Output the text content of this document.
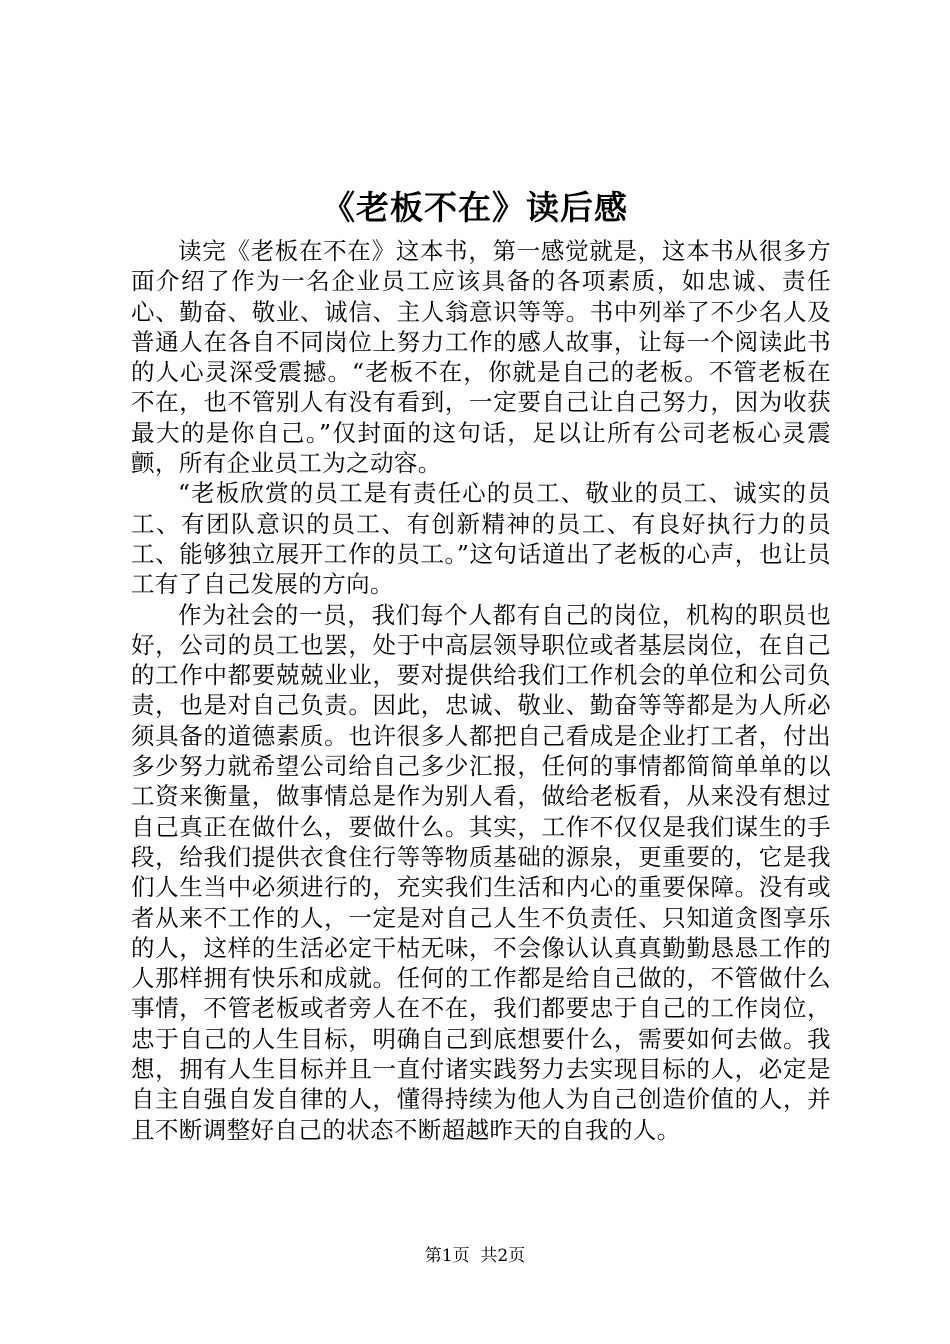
《老板不在》读后感

读完《老板在不在》这本书，第一感觉就是，这本书从很多方面介绍了作为一名企业员工应该具备的各项素质，如忠诚、责任心、勤奋、敬业、诚信、主人翁意识等等。书中列举了不少名人及普通人在各自不同岗位上努力工作的感人故事，让每一个阅读此书的人心灵深受震撼。“老板不在，你就是自己的老板。不管老板在不在，也不管别人有没有看到，一定要自己让自己努力，因为收获最大的是你自己。”仅封面的这句话，足以让所有公司老板心灵震颤，所有企业员工为之动容。

“老板欣赏的员工是有责任心的员工、敬业的员工、诚实的员工、有团队意识的员工、有创新精神的员工、有良好执行力的员工、能够独立展开工作的员工。”这句话道出了老板的心声，也让员工有了自己发展的方向。

作为社会的一员，我们每个人都有自己的岗位，机构的职员也好，公司的员工也罢，处于中高层领导职位或者基层岗位，在自己的工作中都要兢兢业业，要对提供给我们工作机会的单位和公司负责，也是对自己负责。因此，忠诚、敬业、勤奋等等都是为人所必须具备的道德素质。也许很多人都把自己看成是企业打工者，付出多少努力就希望公司给自己多少汇报，任何的事情都简简单单的以工资来衡量，做事情总是作为别人看，做给老板看，从来没有想过自己真正在做什么，要做什么。其实，工作不仅仅是我们谋生的手段，给我们提供衣食住行等等物质基础的源泉，更重要的，它是我们人生当中必须进行的，充实我们生活和内心的重要保障。没有或者从来不工作的人，一定是对自己人生不负责任、只知道贪图享乐的人，这样的生活必定干枯无味，不会像认认真真勤勤恳恳工作的人那样拥有快乐和成就。任何的工作都是给自己做的，不管做什么事情，不管老板或者旁人在不在，我们都要忠于自己的工作岗位，忠于自己的人生目标，明确自己到底想要什么，需要如何去做。我想，拥有人生目标并且一直付诸实践努力去实现目标的人，必定是自主自强自发自律的人，懂得持续为他人为自己创造价值的人，并且不断调整好自己的状态不断超越昨天的自我的人。

第1页 共2页
